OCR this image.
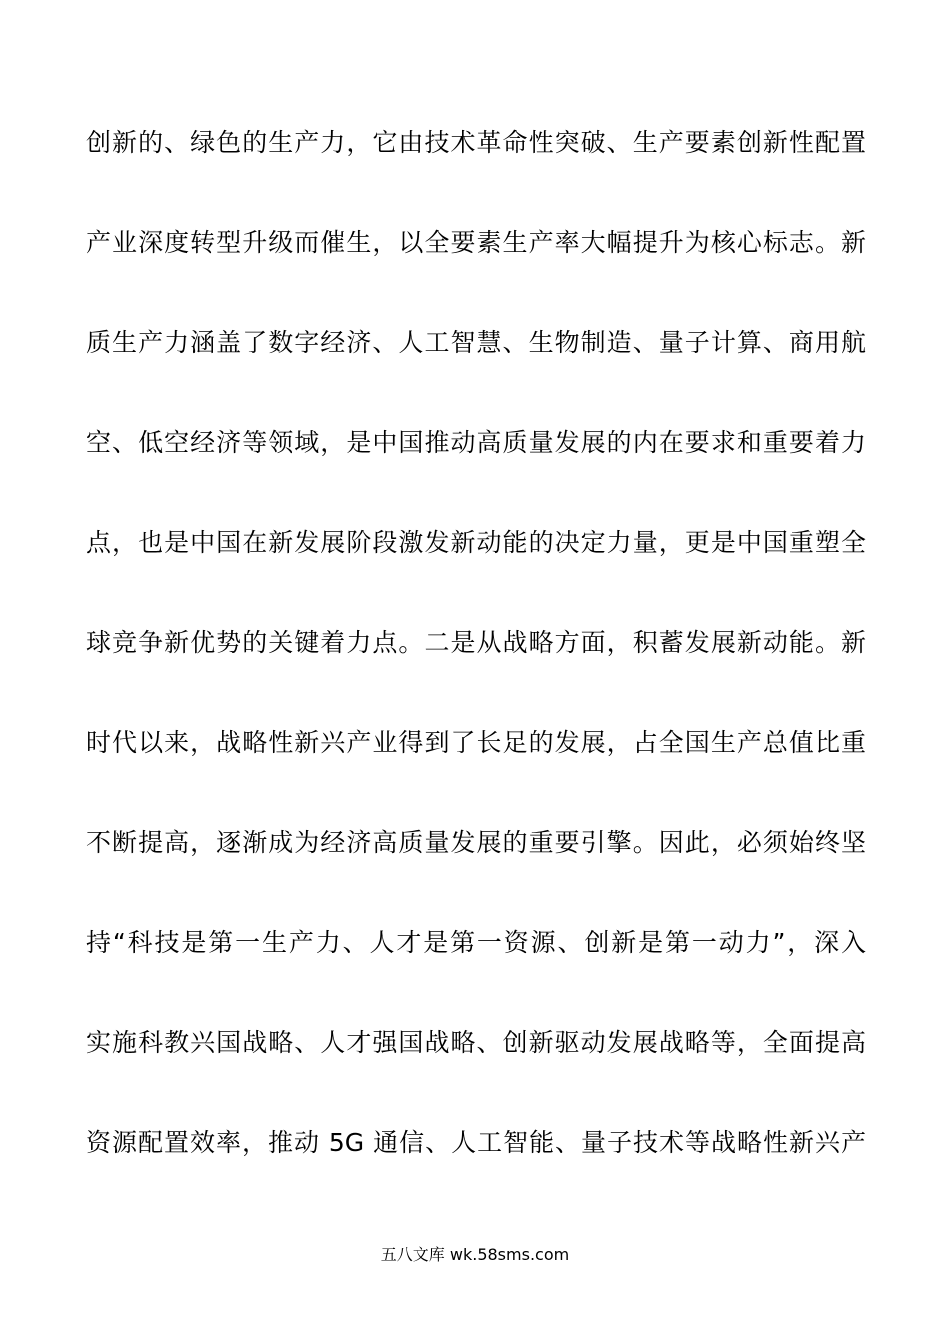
创新的、绿色的生产力，它由技术革命性突破、生产要素创新性配置
产业深度转型升级而催生，以全要素生产率大幅提升为核心标志。新
质生产力涵盖了数字经济、人工智慧、生物制造、量子计算、商用航
空、低空经济等领域，是中国推动高质量发展的内在要求和重要着力
点，也是中国在新发展阶段激发新动能的决定力量，更是中国重塑全
球竞争新优势的关键着力点。二是从战略方面，积蓄发展新动能。新
时代以来，战略性新兴产业得到了长足的发展，占全国生产总值比重
不断提高，逐渐成为经济高质量发展的重要引擎。因此，必须始终坚
持“科技是第一生产力、人才是第一资源、创新是第一动力”，深入
实施科教兴国战略、人才强国战略、创新驱动发展战略等，全面提高
资源配置效率，推动 5G 通信、人工智能、量子技术等战略性新兴产
五八文库 wk.58sms.com
